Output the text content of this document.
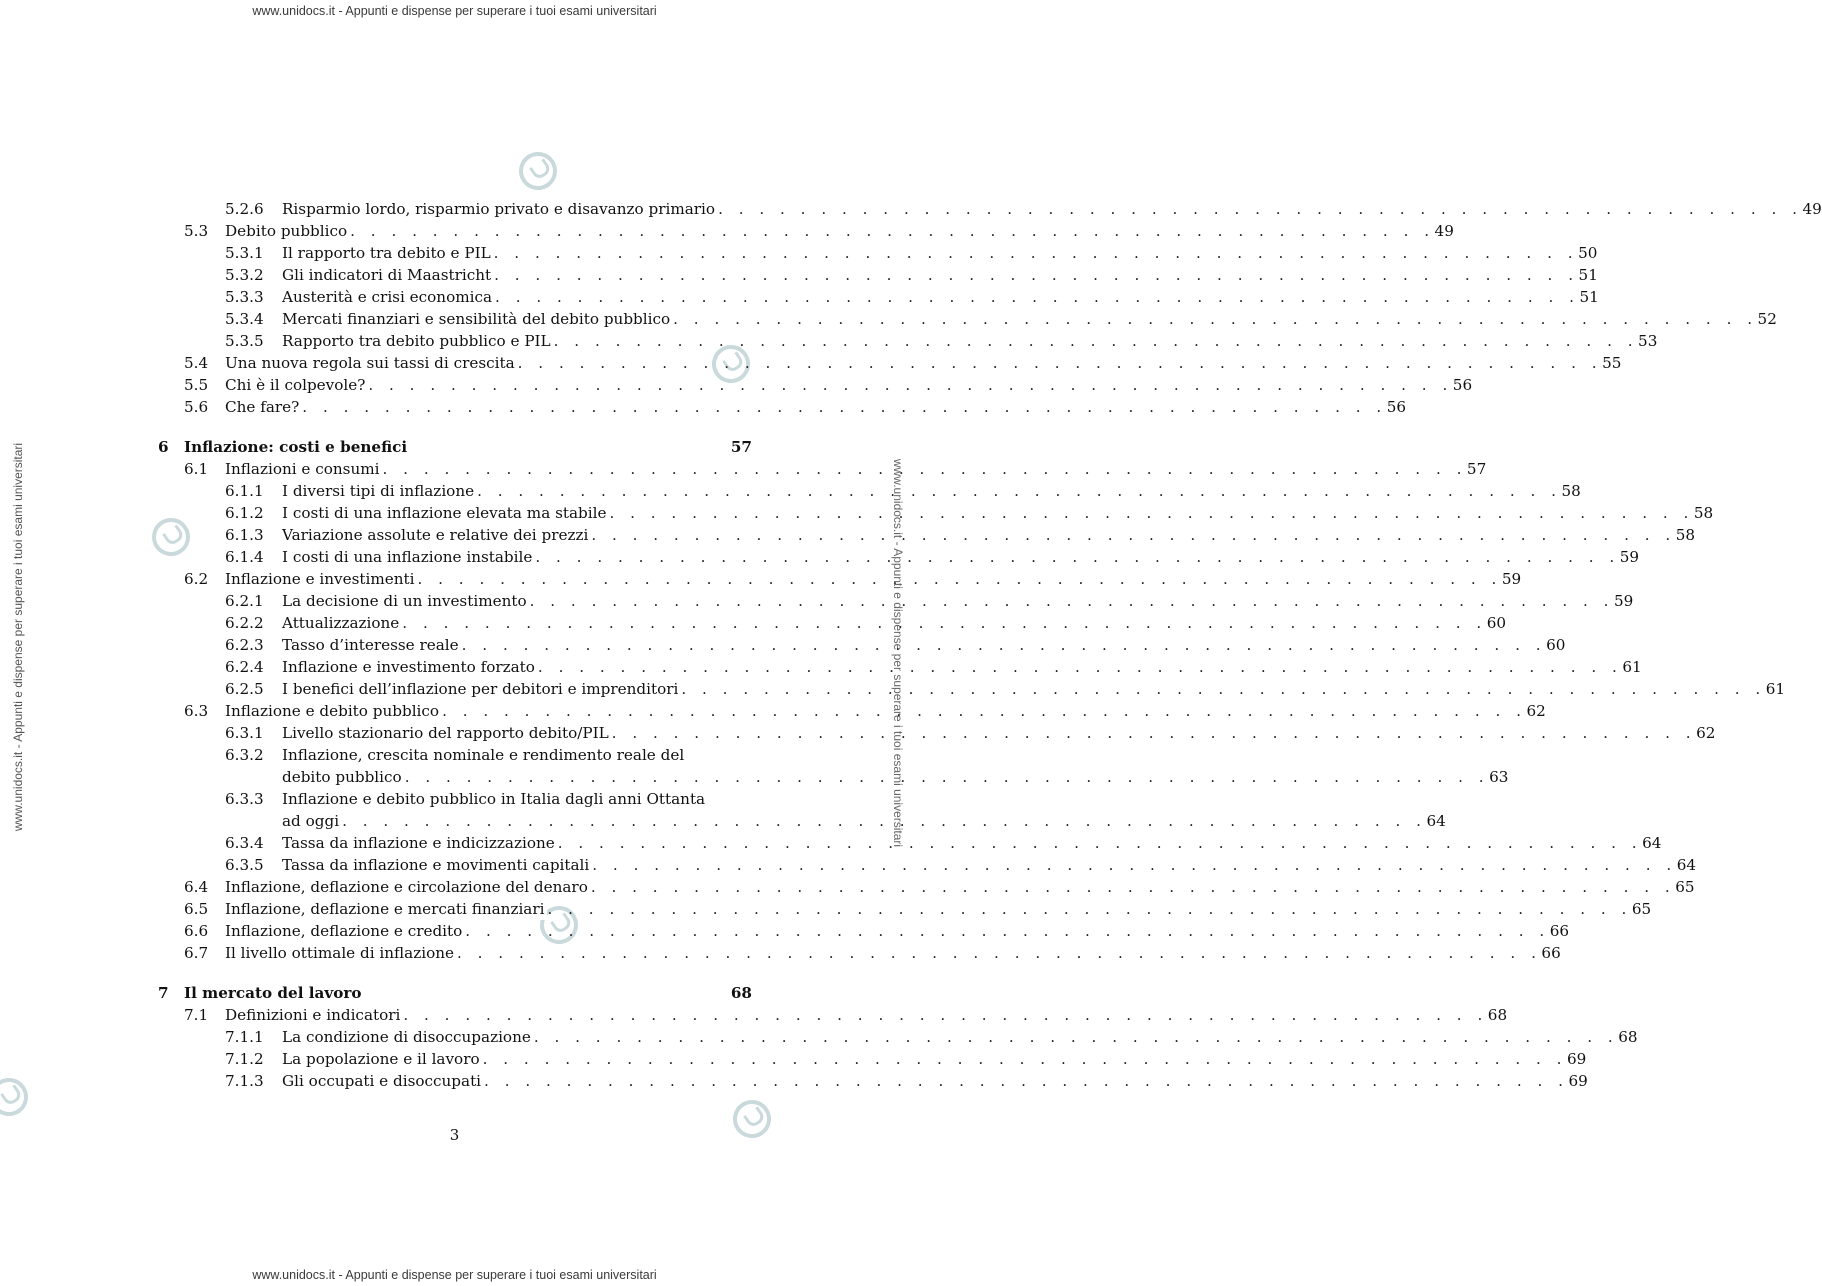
www.unidocs.it - Appunti e dispense per superare i tuoi esami universitari
www.unidocs.it - Appunti e dispense per superare i tuoi esami universitari
www.unidocs.it - Appunti e dispense per superare i tuoi esami universitari	www.unidocs.it - Appunti e dispense per superare i tuoi esami universitari
5.2.6 Risparmio lordo, risparmio privato e disavanzo primario . . . . . . . . . . . . . . . . . . . . . . . . . . . . . . . . . . . . . . . . . . . . . . . . . . . . . 49
5.3 Debito pubblico . . . . . . . . . . . . . . . . . . . . . . . . . . . . . . . . . . . . . . . . . . . . . . . . . . . . . 49
5.3.1 Il rapporto tra debito e PIL . . . . . . . . . . . . . . . . . . . . . . . . . . . . . . . . . . . . . . . . . . . . . . . . . . . . . 50
5.3.2 Gli indicatori di Maastricht . . . . . . . . . . . . . . . . . . . . . . . . . . . . . . . . . . . . . . . . . . . . . . . . . . . . . 51
5.3.3 Austerità e crisi economica . . . . . . . . . . . . . . . . . . . . . . . . . . . . . . . . . . . . . . . . . . . . . . . . . . . . . 51
5.3.4 Mercati finanziari e sensibilità del debito pubblico . . . . . . . . . . . . . . . . . . . . . . . . . . . . . . . . . . . . . . . . . . . . . . . . . . . . . 52
5.3.5 Rapporto tra debito pubblico e PIL . . . . . . . . . . . . . . . . . . . . . . . . . . . . . . . . . . . . . . . . . . . . . . . . . . . . . 53
5.4 Una nuova regola sui tassi di crescita . . . . . . . . . . . . . . . . . . . . . . . . . . . . . . . . . . . . . . . . . . . . . . . . . . . . . 55
5.5 Chi è il colpevole? . . . . . . . . . . . . . . . . . . . . . . . . . . . . . . . . . . . . . . . . . . . . . . . . . . . . . 56
5.6 Che fare? . . . . . . . . . . . . . . . . . . . . . . . . . . . . . . . . . . . . . . . . . . . . . . . . . . . . . 56
6 Inflazione: costi e benefici	57
6.1 Inflazioni e consumi . . . . . . . . . . . . . . . . . . . . . . . . . . . . . . . . . . . . . . . . . . . . . . . . . . . . . 57
6.1.1 I diversi tipi di inflazione . . . . . . . . . . . . . . . . . . . . . . . . . . . . . . . . . . . . . . . . . . . . . . . . . . . . . 58
6.1.2 I costi di una inflazione elevata ma stabile . . . . . . . . . . . . . . . . . . . . . . . . . . . . . . . . . . . . . . . . . . . . . . . . . . . . . 58
6.1.3 Variazione assolute e relative dei prezzi . . . . . . . . . . . . . . . . . . . . . . . . . . . . . . . . . . . . . . . . . . . . . . . . . . . . . 58
6.1.4 I costi di una inflazione instabile . . . . . . . . . . . . . . . . . . . . . . . . . . . . . . . . . . . . . . . . . . . . . . . . . . . . . 59
6.2 Inflazione e investimenti . . . . . . . . . . . . . . . . . . . . . . . . . . . . . . . . . . . . . . . . . . . . . . . . . . . . . 59
6.2.1 La decisione di un investimento . . . . . . . . . . . . . . . . . . . . . . . . . . . . . . . . . . . . . . . . . . . . . . . . . . . . . 59
6.2.2 Attualizzazione . . . . . . . . . . . . . . . . . . . . . . . . . . . . . . . . . . . . . . . . . . . . . . . . . . . . . 60
6.2.3 Tasso d’interesse reale . . . . . . . . . . . . . . . . . . . . . . . . . . . . . . . . . . . . . . . . . . . . . . . . . . . . . 60
6.2.4 Inflazione e investimento forzato . . . . . . . . . . . . . . . . . . . . . . . . . . . . . . . . . . . . . . . . . . . . . . . . . . . . . 61
6.2.5 I benefici dell’inflazione per debitori e imprenditori . . . . . . . . . . . . . . . . . . . . . . . . . . . . . . . . . . . . . . . . . . . . . . . . . . . . . 61
6.3 Inflazione e debito pubblico . . . . . . . . . . . . . . . . . . . . . . . . . . . . . . . . . . . . . . . . . . . . . . . . . . . . . 62
6.3.1 Livello stazionario del rapporto debito/PIL . . . . . . . . . . . . . . . . . . . . . . . . . . . . . . . . . . . . . . . . . . . . . . . . . . . . . 62
6.3.2 Inflazione, crescita nominale e rendimento reale del
debito pubblico . . . . . . . . . . . . . . . . . . . . . . . . . . . . . . . . . . . . . . . . . . . . . . . . . . . . . 63
6.3.3 Inflazione e debito pubblico in Italia dagli anni Ottanta
ad oggi . . . . . . . . . . . . . . . . . . . . . . . . . . . . . . . . . . . . . . . . . . . . . . . . . . . . . 64
6.3.4 Tassa da inflazione e indicizzazione . . . . . . . . . . . . . . . . . . . . . . . . . . . . . . . . . . . . . . . . . . . . . . . . . . . . . 64
6.3.5 Tassa da inflazione e movimenti capitali . . . . . . . . . . . . . . . . . . . . . . . . . . . . . . . . . . . . . . . . . . . . . . . . . . . . . 64
6.4 Inflazione, deflazione e circolazione del denaro . . . . . . . . . . . . . . . . . . . . . . . . . . . . . . . . . . . . . . . . . . . . . . . . . . . . . 65
6.5 Inflazione, deflazione e mercati finanziari . . . . . . . . . . . . . . . . . . . . . . . . . . . . . . . . . . . . . . . . . . . . . . . . . . . . . 65
6.6 Inflazione, deflazione e credito . . . . . . . . . . . . . . . . . . . . . . . . . . . . . . . . . . . . . . . . . . . . . . . . . . . . . 66
6.7 Il livello ottimale di inflazione . . . . . . . . . . . . . . . . . . . . . . . . . . . . . . . . . . . . . . . . . . . . . . . . . . . . . 66
7 Il mercato del lavoro	68
7.1 Definizioni e indicatori . . . . . . . . . . . . . . . . . . . . . . . . . . . . . . . . . . . . . . . . . . . . . . . . . . . . . 68
7.1.1 La condizione di disoccupazione . . . . . . . . . . . . . . . . . . . . . . . . . . . . . . . . . . . . . . . . . . . . . . . . . . . . . 68
7.1.2 La popolazione e il lavoro . . . . . . . . . . . . . . . . . . . . . . . . . . . . . . . . . . . . . . . . . . . . . . . . . . . . . 69
7.1.3 Gli occupati e disoccupati . . . . . . . . . . . . . . . . . . . . . . . . . . . . . . . . . . . . . . . . . . . . . . . . . . . . . 69
3
